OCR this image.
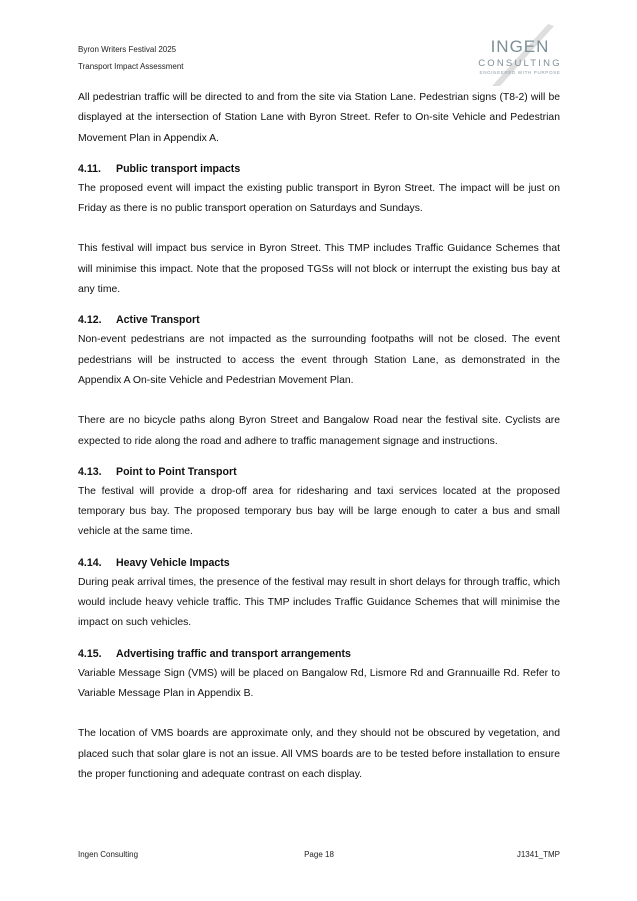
Byron Writers Festival 2025
Transport Impact Assessment
INGEN
CONSULTING
ENGINEERED WITH PURPOSE

All pedestrian traffic will be directed to and from the site via Station Lane. Pedestrian signs (T8-2) will be displayed at the intersection of Station Lane with Byron Street. Refer to On-site Vehicle and Pedestrian Movement Plan in Appendix A.

4.11. Public transport impacts

The proposed event will impact the existing public transport in Byron Street. The impact will be just on Friday as there is no public transport operation on Saturdays and Sundays.

This festival will impact bus service in Byron Street. This TMP includes Traffic Guidance Schemes that will minimise this impact. Note that the proposed TGSs will not block or interrupt the existing bus bay at any time.

4.12. Active Transport

Non-event pedestrians are not impacted as the surrounding footpaths will not be closed. The event pedestrians will be instructed to access the event through Station Lane, as demonstrated in the Appendix A On-site Vehicle and Pedestrian Movement Plan.

There are no bicycle paths along Byron Street and Bangalow Road near the festival site. Cyclists are expected to ride along the road and adhere to traffic management signage and instructions.

4.13. Point to Point Transport

The festival will provide a drop-off area for ridesharing and taxi services located at the proposed temporary bus bay. The proposed temporary bus bay will be large enough to cater a bus and small vehicle at the same time.

4.14. Heavy Vehicle Impacts

During peak arrival times, the presence of the festival may result in short delays for through traffic, which would include heavy vehicle traffic. This TMP includes Traffic Guidance Schemes that will minimise the impact on such vehicles.

4.15. Advertising traffic and transport arrangements

Variable Message Sign (VMS) will be placed on Bangalow Rd, Lismore Rd and Grannuaille Rd. Refer to Variable Message Plan in Appendix B.

The location of VMS boards are approximate only, and they should not be obscured by vegetation, and placed such that solar glare is not an issue. All VMS boards are to be tested before installation to ensure the proper functioning and adequate contrast on each display.

Ingen Consulting	Page 18	J1341_TMP
